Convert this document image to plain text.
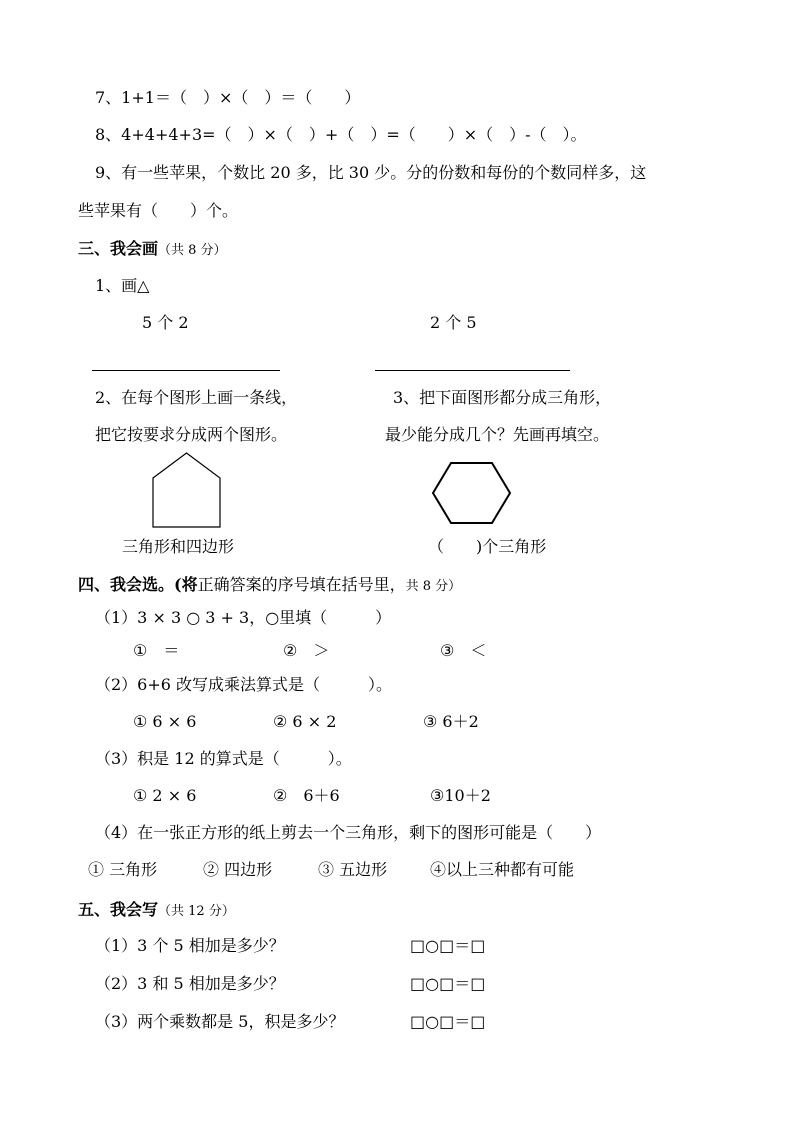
7、1+1＝（　）×（　）＝（　　）
8、4+4+4+3=（　）×（　）+（　）=（　　）×（　）-（　）。
9、有一些苹果，个数比 20 多，比 30 少。分的份数和每份的个数同样多，这
些苹果有（　　）个。
三、我会画（共 8 分）
1、画△
5 个 2	2 个 5
2、在每个图形上画一条线，
把它按要求分成两个图形。
3、把下面图形都分成三角形，
最少能分成几个？先画再填空。
三角形和四边形	（　　)个三角形
四、我会选。(将正确答案的序号填在括号里，共 8 分）
（1）3 × 3 ○ 3 + 3，○里填（　　　）
①　＝	②　＞	③　＜
（2）6+6 改写成乘法算式是（　　　）。
① 6 × 6	② 6 × 2	③ 6＋2
（3）积是 12 的算式是（　　　）。
① 2 × 6	②　6＋6	③10＋2
（4）在一张正方形的纸上剪去一个三角形，剩下的图形可能是（　　）
① 三角形	② 四边形	③ 五边形	④以上三种都有可能
五、我会写（共 12 分）
（1）3 个 5 相加是多少？	□○□＝□
（2）3 和 5 相加是多少？	□○□＝□
（3）两个乘数都是 5，积是多少？	□○□＝□
